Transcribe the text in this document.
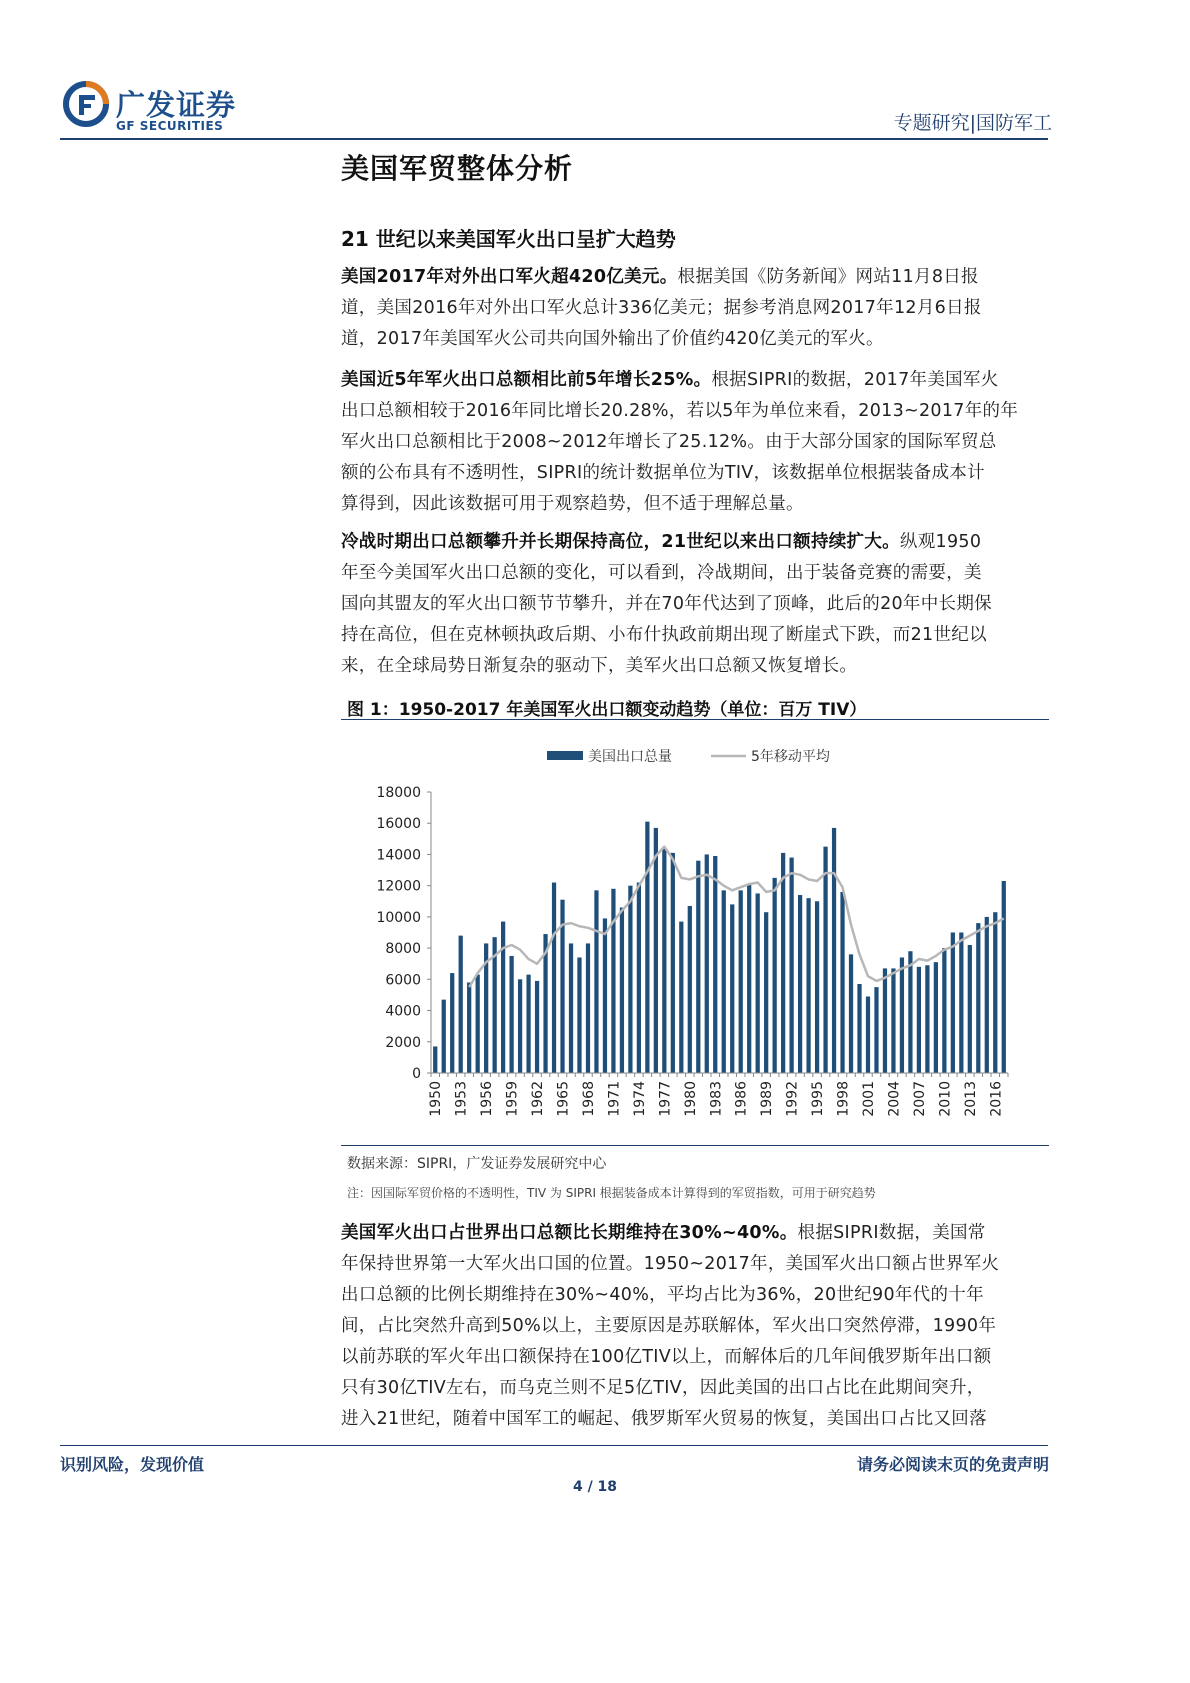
广发证券
GF SECURITIES	专题研究|国防军工
美国军贸整体分析
21 世纪以来美国军火出口呈扩大趋势
美国2017年对外出口军火超420亿美元。根据美国《防务新闻》网站11月8日报
道，美国2016年对外出口军火总计336亿美元；据参考消息网2017年12月6日报
道，2017年美国军火公司共向国外输出了价值约420亿美元的军火。
美国近5年军火出口总额相比前5年增长25%。根据SIPRI的数据，2017年美国军火
出口总额相较于2016年同比增长20.28%，若以5年为单位来看，2013~2017年的年
军火出口总额相比于2008~2012年增长了25.12%。由于大部分国家的国际军贸总
额的公布具有不透明性，SIPRI的统计数据单位为TIV，该数据单位根据装备成本计
算得到，因此该数据可用于观察趋势，但不适于理解总量。
冷战时期出口总额攀升并长期保持高位，21世纪以来出口额持续扩大。纵观1950
年至今美国军火出口总额的变化，可以看到，冷战期间，出于装备竞赛的需要，美
国向其盟友的军火出口额节节攀升，并在70年代达到了顶峰，此后的20年中长期保
持在高位，但在克林顿执政后期、小布什执政前期出现了断崖式下跌，而21世纪以
来，在全球局势日渐复杂的驱动下，美军火出口总额又恢复增长。
图 1：1950-2017 年美国军火出口额变动趋势（单位：百万 TIV）
美国出口总量	5年移动平均
0
2000
4000
6000
8000
10000
12000
14000
16000
18000
1950 1953 1956 1959 1962 1965 1968 1971 1974 1977 1980 1983 1986 1989 1992 1995 1998 2001 2004 2007 2010 2013 2016
数据来源：SIPRI，广发证券发展研究中心
注：因国际军贸价格的不透明性，TIV 为 SIPRI 根据装备成本计算得到的军贸指数，可用于研究趋势
美国军火出口占世界出口总额比长期维持在30%~40%。根据SIPRI数据，美国常
年保持世界第一大军火出口国的位置。1950~2017年，美国军火出口额占世界军火
出口总额的比例长期维持在30%~40%，平均占比为36%，20世纪90年代的十年
间，占比突然升高到50%以上，主要原因是苏联解体，军火出口突然停滞，1990年
以前苏联的军火年出口额保持在100亿TIV以上，而解体后的几年间俄罗斯年出口额
只有30亿TIV左右，而乌克兰则不足5亿TIV，因此美国的出口占比在此期间突升，
进入21世纪，随着中国军工的崛起、俄罗斯军火贸易的恢复，美国出口占比又回落
识别风险，发现价值	请务必阅读末页的免责声明
4 / 18
